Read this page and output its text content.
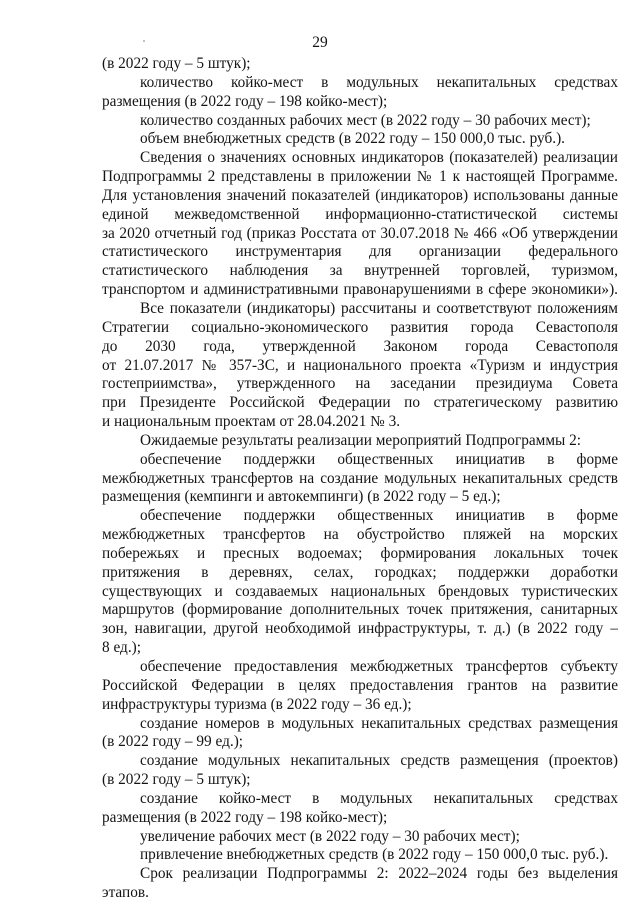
29
(в 2022 году – 5 штук);
количество койко-мест в модульных некапитальных средствах
размещения (в 2022 году – 198 койко-мест);
количество созданных рабочих мест (в 2022 году – 30 рабочих мест);
объем внебюджетных средств (в 2022 году – 150 000,0 тыс. руб.).
Сведения о значениях основных индикаторов (показателей) реализации
Подпрограммы 2 представлены в приложении № 1 к настоящей Программе.
Для установления значений показателей (индикаторов) использованы данные
единой межведомственной информационно-статистической системы
за 2020 отчетный год (приказ Росстата от 30.07.2018 № 466 «Об утверждении
статистического инструментария для организации федерального
статистического наблюдения за внутренней торговлей, туризмом,
транспортом и административными правонарушениями в сфере экономики»).
Все показатели (индикаторы) рассчитаны и соответствуют положениям
Стратегии социально-экономического развития города Севастополя
до 2030 года, утвержденной Законом города Севастополя
от 21.07.2017 № 357-ЗС, и национального проекта «Туризм и индустрия
гостеприимства», утвержденного на заседании президиума Совета
при Президенте Российской Федерации по стратегическому развитию
и национальным проектам от 28.04.2021 № 3.
Ожидаемые результаты реализации мероприятий Подпрограммы 2:
обеспечение поддержки общественных инициатив в форме
межбюджетных трансфертов на создание модульных некапитальных средств
размещения (кемпинги и автокемпинги) (в 2022 году – 5 ед.);
обеспечение поддержки общественных инициатив в форме
межбюджетных трансфертов на обустройство пляжей на морских
побережьях и пресных водоемах; формирования локальных точек
притяжения в деревнях, селах, городках; поддержки доработки
существующих и создаваемых национальных брендовых туристических
маршрутов (формирование дополнительных точек притяжения, санитарных
зон, навигации, другой необходимой инфраструктуры, т. д.) (в 2022 году –
8 ед.);
обеспечение предоставления межбюджетных трансфертов субъекту
Российской Федерации в целях предоставления грантов на развитие
инфраструктуры туризма (в 2022 году – 36 ед.);
создание номеров в модульных некапитальных средствах размещения
(в 2022 году – 99 ед.);
создание модульных некапитальных средств размещения (проектов)
(в 2022 году – 5 штук);
создание койко-мест в модульных некапитальных средствах
размещения (в 2022 году – 198 койко-мест);
увеличение рабочих мест (в 2022 году – 30 рабочих мест);
привлечение внебюджетных средств (в 2022 году – 150 000,0 тыс. руб.).
Срок реализации Подпрограммы 2: 2022–2024 годы без выделения
этапов.
